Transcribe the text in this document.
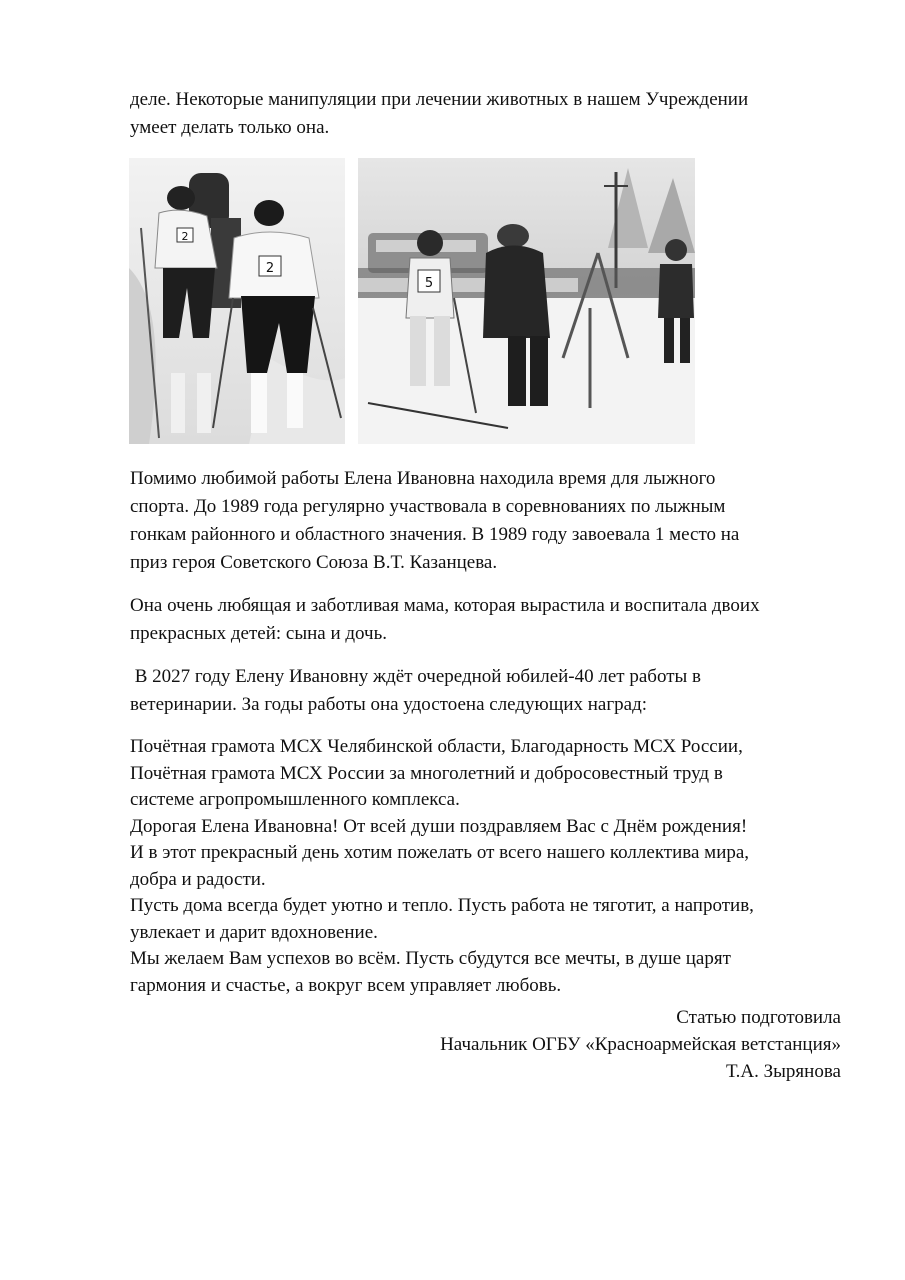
деле. Некоторые манипуляции при лечении животных в нашем Учреждении
умеет делать только она.
2
2
5
Помимо любимой работы Елена Ивановна находила время для лыжного
спорта. До 1989 года регулярно участвовала в соревнованиях по лыжным
гонкам районного и областного значения. В 1989 году завоевала 1 место на
приз героя Советского Союза В.Т. Казанцева.
Она очень любящая и заботливая мама, которая вырастила и воспитала двоих
прекрасных детей: сына и дочь.
В 2027 году Елену Ивановну ждёт очередной юбилей-40 лет работы в
ветеринарии. За годы работы она удостоена следующих наград:
Почётная грамота МСХ Челябинской области, Благодарность МСХ России,
Почётная грамота МСХ России за многолетний и добросовестный труд в
системе агропромышленного комплекса.
Дорогая Елена Ивановна! От всей души поздравляем Вас с Днём рождения!
И в этот прекрасный день хотим пожелать от всего нашего коллектива мира,
добра и радости.
Пусть дома всегда будет уютно и тепло. Пусть работа не тяготит, а напротив,
увлекает и дарит вдохновение.
Мы желаем Вам успехов во всём. Пусть сбудутся все мечты, в душе царят
гармония и счастье, а вокруг всем управляет любовь.
Статью подготовила
Начальник ОГБУ «Красноармейская ветстанция»
Т.А. Зырянова
